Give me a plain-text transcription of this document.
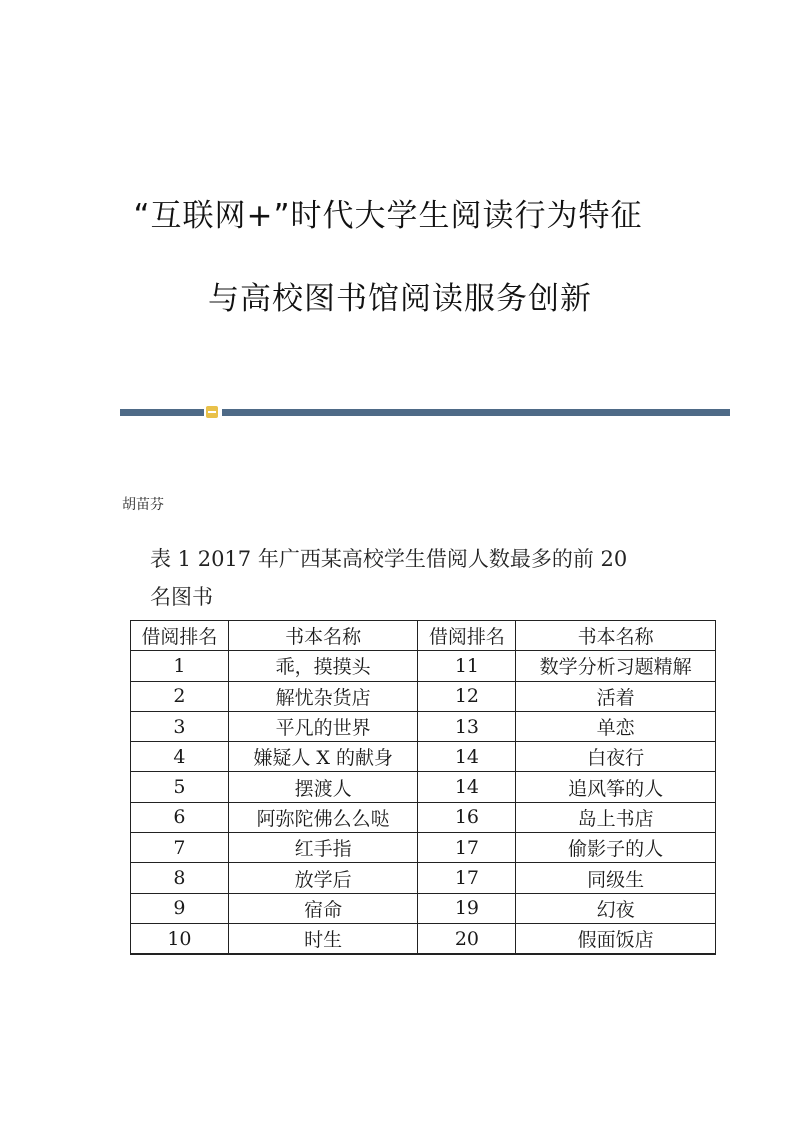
“互联网+”时代大学生阅读行为特征
与高校图书馆阅读服务创新
胡苗芬
表 1 2017 年广西某高校学生借阅人数最多的前 20
名图书
借阅排名	书本名称	借阅排名	书本名称
1	乖，摸摸头	11	数学分析习题精解
2	解忧杂货店	12	活着
3	平凡的世界	13	单恋
4	嫌疑人 X 的献身	14	白夜行
5	摆渡人	14	追风筝的人
6	阿弥陀佛么么哒	16	岛上书店
7	红手指	17	偷影子的人
8	放学后	17	同级生
9	宿命	19	幻夜
10	时生	20	假面饭店
